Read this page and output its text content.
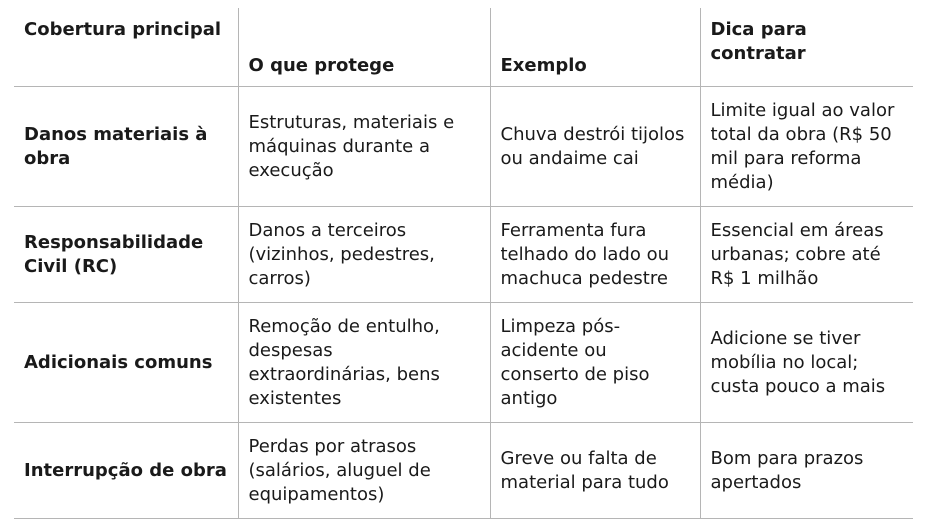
Cobertura principal	O que protege	Exemplo	Dica para contratar
Danos materiais à obra	Estruturas, materiais e máquinas durante a execução	Chuva destrói tijolos ou andaime cai	Limite igual ao valor total da obra (R$ 50 mil para reforma média)
Responsabilidade Civil (RC)	Danos a terceiros (vizinhos, pedestres, carros)	Ferramenta fura telhado do lado ou machuca pedestre	Essencial em áreas urbanas; cobre até R$ 1 milhão
Adicionais comuns	Remoção de entulho, despesas extraordinárias, bens existentes	Limpeza pós-acidente ou conserto de piso antigo	Adicione se tiver mobília no local; custa pouco a mais
Interrupção de obra	Perdas por atrasos (salários, aluguel de equipamentos)	Greve ou falta de material para tudo	Bom para prazos apertados
